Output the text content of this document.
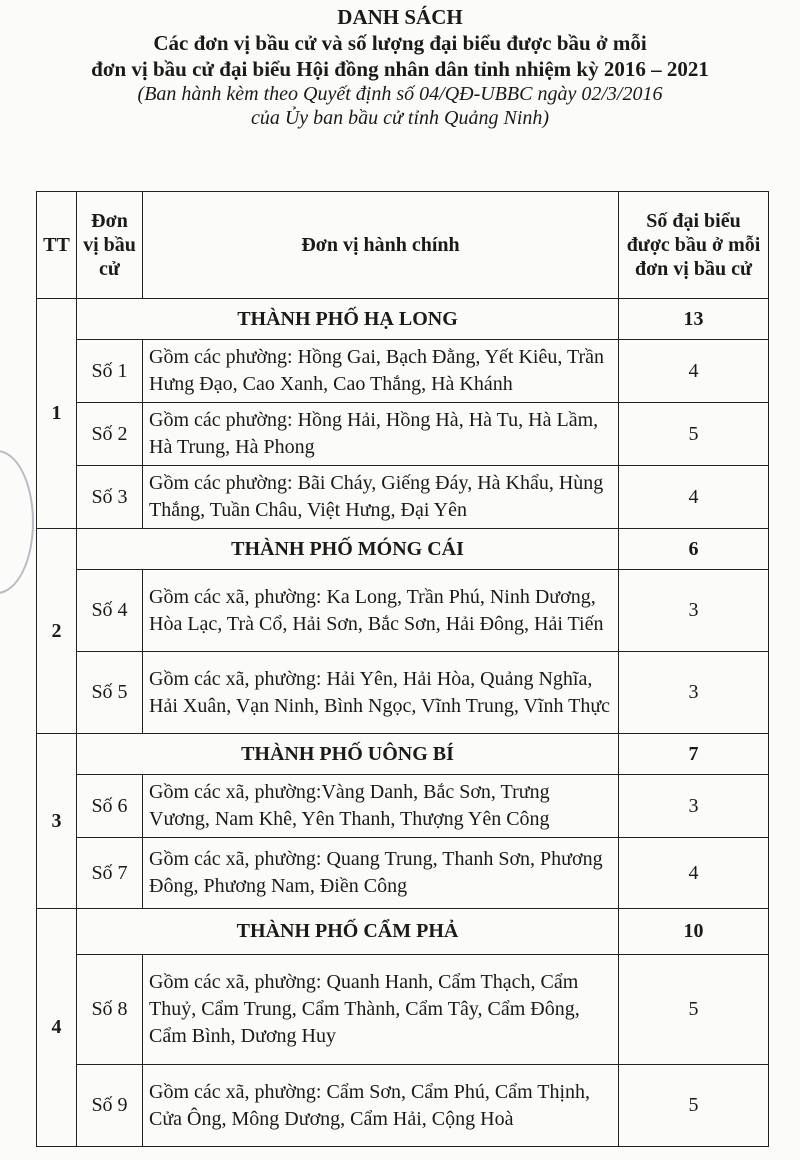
DANH SÁCH
Các đơn vị bầu cử và số lượng đại biểu được bầu ở mỗi
đơn vị bầu cử đại biểu Hội đồng nhân dân tỉnh nhiệm kỳ 2016 – 2021
(Ban hành kèm theo Quyết định số 04/QĐ-UBBC ngày 02/3/2016
của Ủy ban bầu cử tỉnh Quảng Ninh)
TT	Đơn vị bầu cử	Đơn vị hành chính	Số đại biểu được bầu ở mỗi đơn vị bầu cử
1	THÀNH PHỐ HẠ LONG		13
	Số 1	Gồm các phường: Hồng Gai, Bạch Đằng, Yết Kiêu, Trần Hưng Đạo, Cao Xanh, Cao Thắng, Hà Khánh	4
	Số 2	Gồm các phường: Hồng Hải, Hồng Hà, Hà Tu, Hà Lầm, Hà Trung, Hà Phong	5
	Số 3	Gồm các phường: Bãi Cháy, Giếng Đáy, Hà Khẩu, Hùng Thắng, Tuần Châu, Việt Hưng, Đại Yên	4
2	THÀNH PHỐ MÓNG CÁI		6
	Số 4	Gồm các xã, phường: Ka Long, Trần Phú, Ninh Dương, Hòa Lạc, Trà Cổ, Hải Sơn, Bắc Sơn, Hải Đông, Hải Tiến	3
	Số 5	Gồm các xã, phường: Hải Yên, Hải Hòa, Quảng Nghĩa, Hải Xuân, Vạn Ninh, Bình Ngọc, Vĩnh Trung, Vĩnh Thực	3
3	THÀNH PHỐ UÔNG BÍ		7
	Số 6	Gồm các xã, phường:Vàng Danh, Bắc Sơn, Trưng Vương, Nam Khê, Yên Thanh, Thượng Yên Công	3
	Số 7	Gồm các xã, phường: Quang Trung, Thanh Sơn, Phương Đông, Phương Nam, Điền Công	4
4	THÀNH PHỐ CẨM PHẢ		10
	Số 8	Gồm các xã, phường: Quanh Hanh, Cẩm Thạch, Cẩm Thuỷ, Cẩm Trung, Cẩm Thành, Cẩm Tây, Cẩm Đông, Cẩm Bình, Dương Huy	5
	Số 9	Gồm các xã, phường: Cẩm Sơn, Cẩm Phú, Cẩm Thịnh, Cửa Ông, Mông Dương, Cẩm Hải, Cộng Hoà	5
